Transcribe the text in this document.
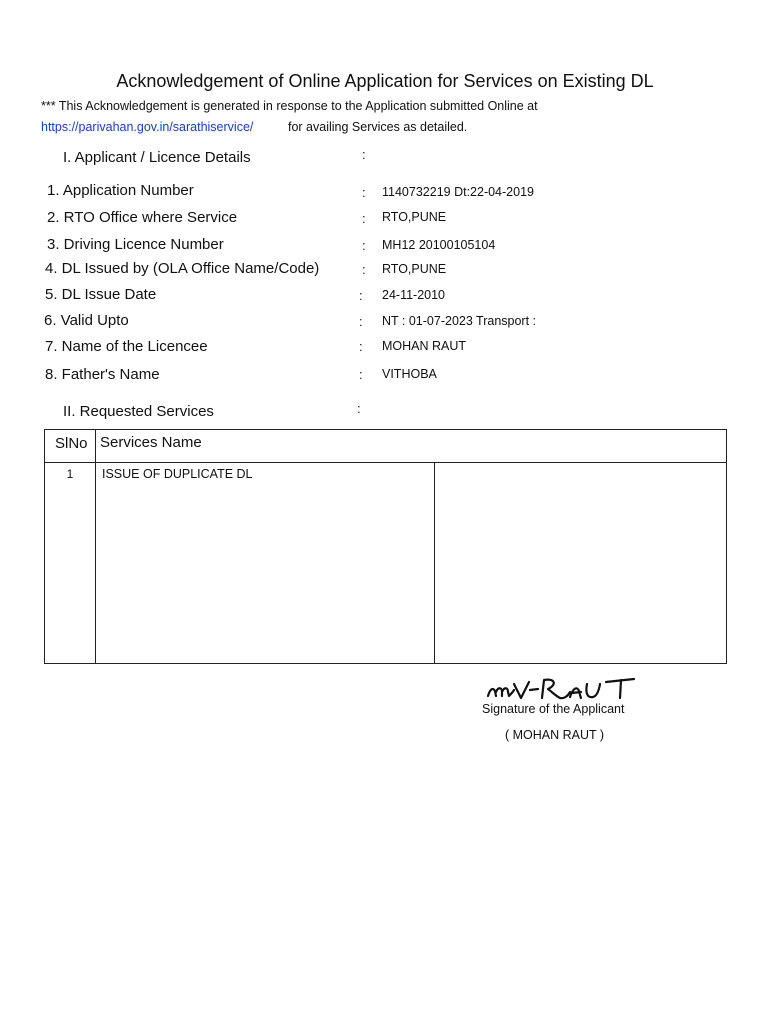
Acknowledgement of Online Application for Services on Existing DL
*** This Acknowledgement is generated in response to the Application submitted Online at
https://parivahan.gov.in/sarathiservice/	for availing Services as detailed.
I. Applicant / Licence Details	:
1. Application Number	: 1140732219 Dt:22-04-2019
2. RTO Office where Service	: RTO,PUNE
3. Driving Licence Number	: MH12 20100105104
4. DL Issued by (OLA Office Name/Code)	: RTO,PUNE
5. DL Issue Date	: 24-11-2010
6. Valid Upto	: NT : 01-07-2023 Transport :
7. Name of the Licencee	: MOHAN RAUT
8. Father's Name	: VITHOBA
II. Requested Services	:
SlNo	Services Name	
1	ISSUE OF DUPLICATE DL	
Signature of the Applicant
( MOHAN RAUT )
